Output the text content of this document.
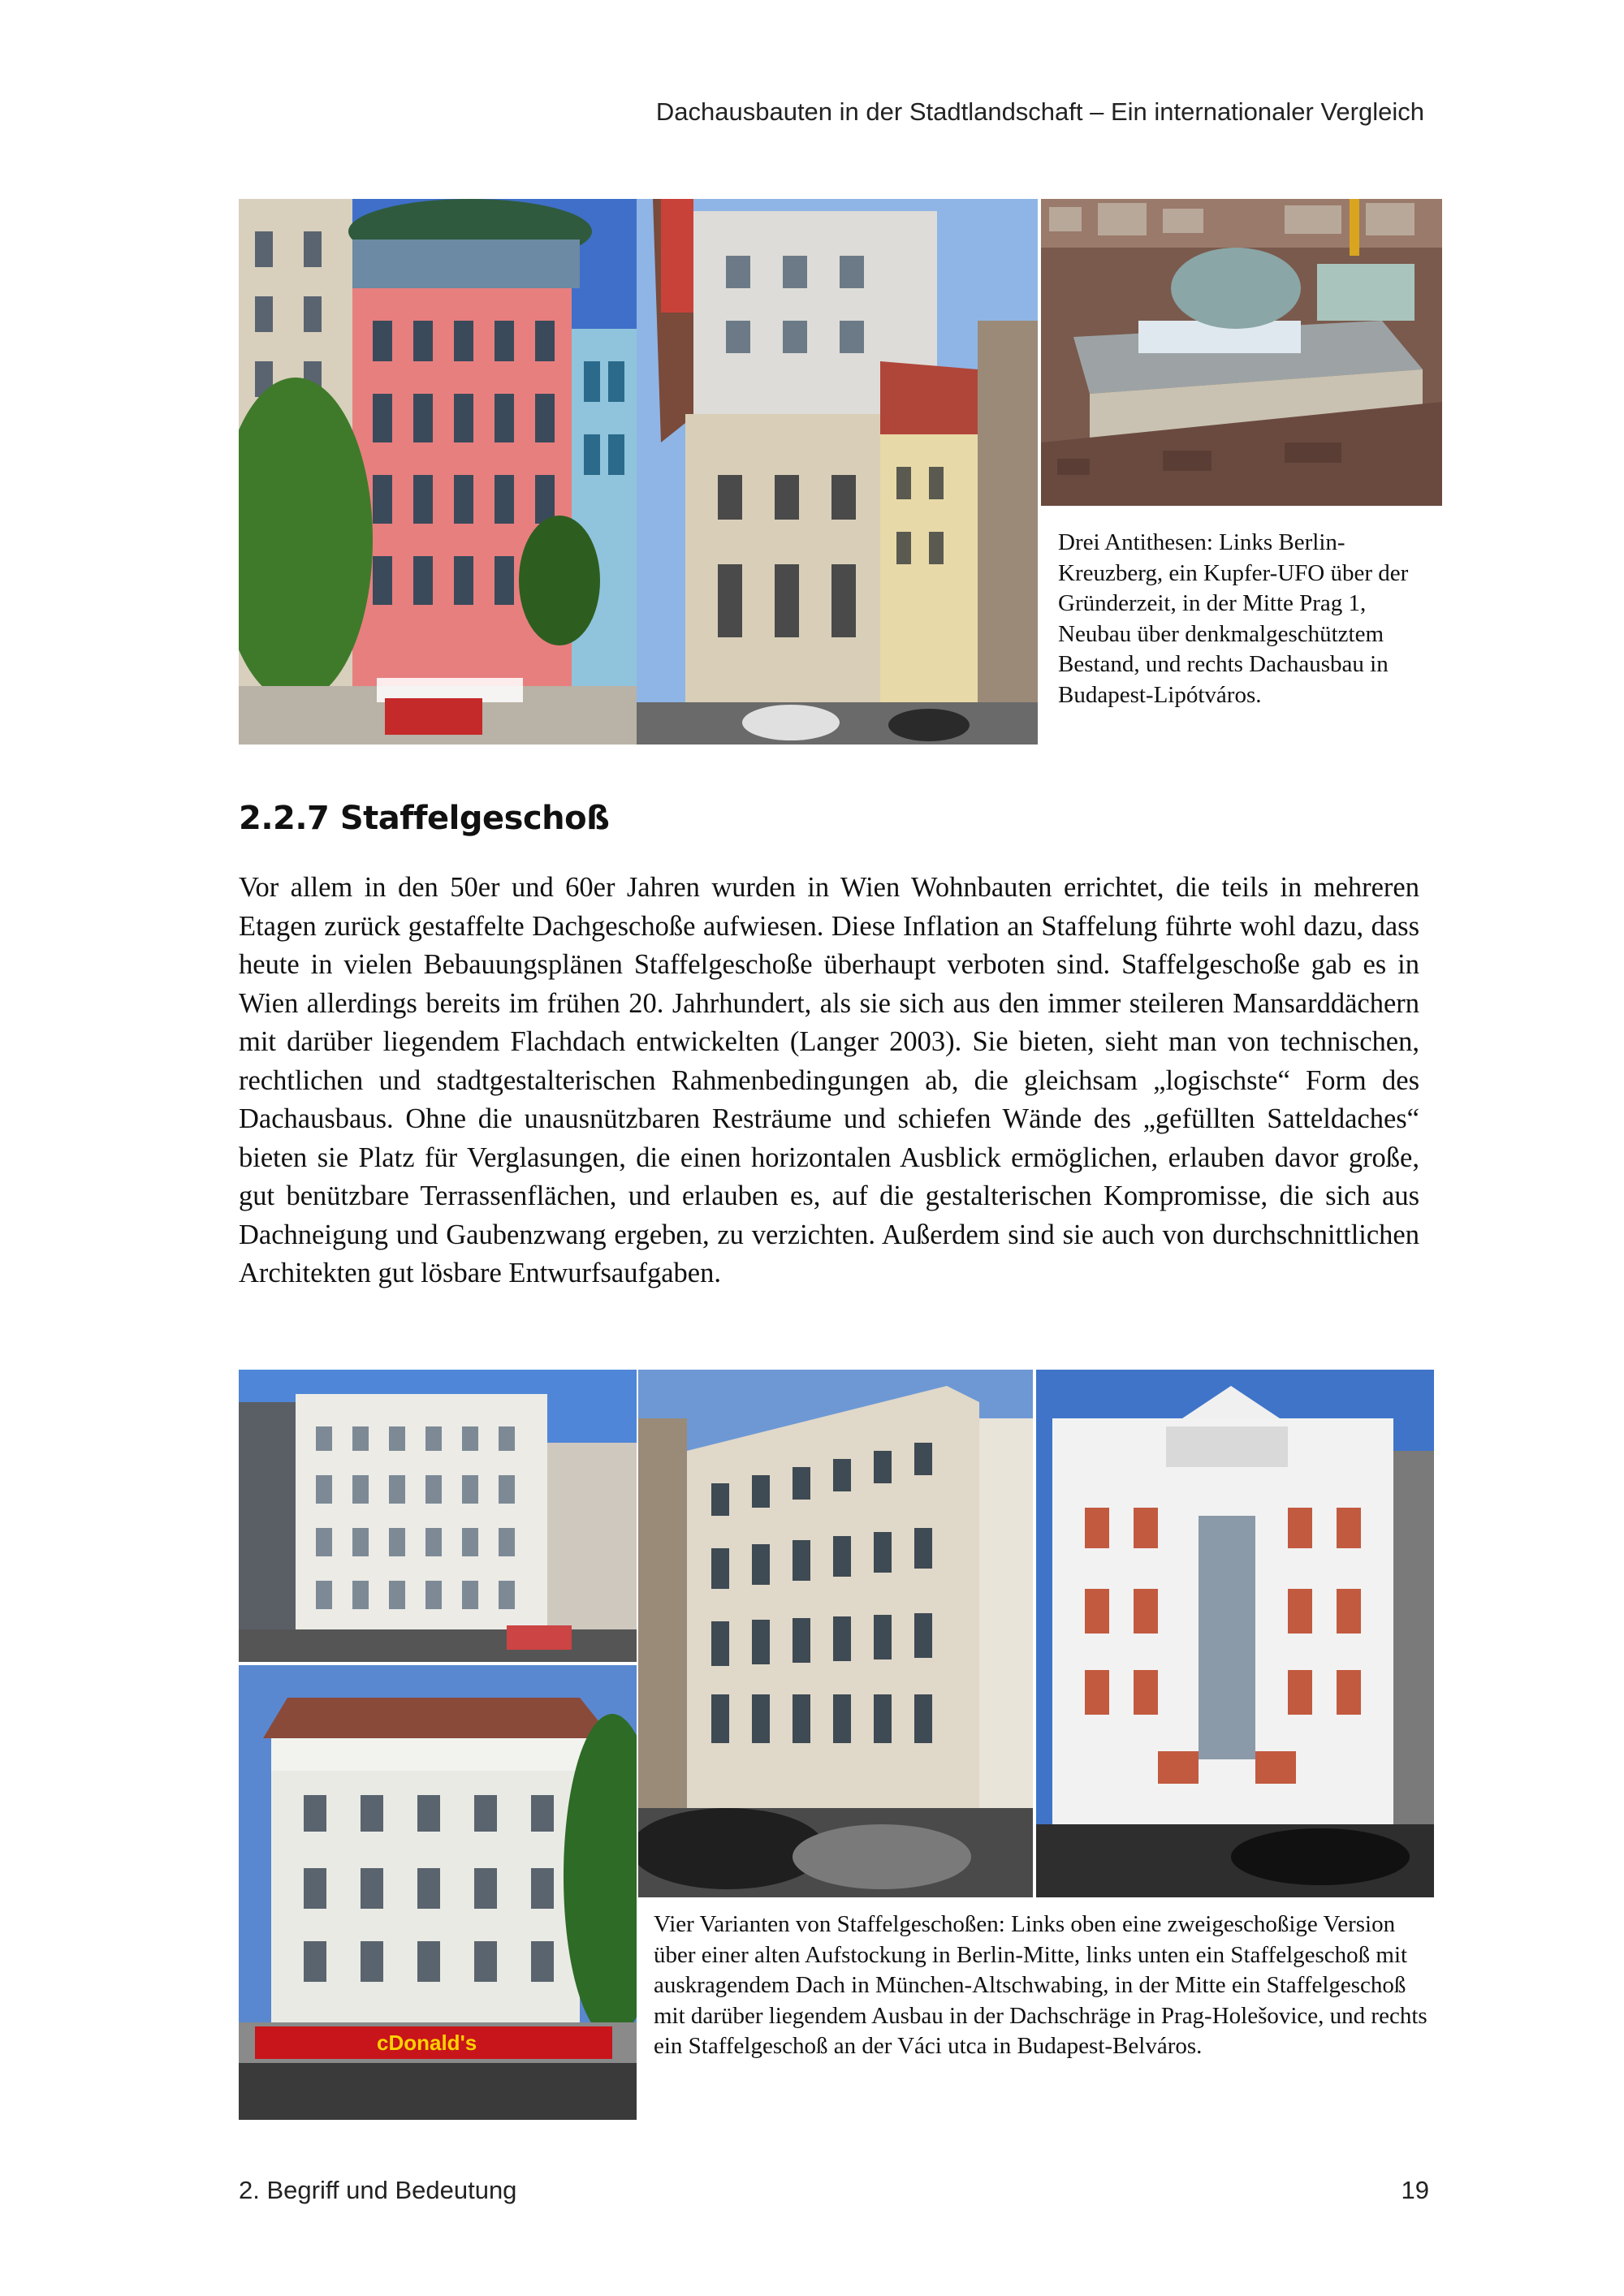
Dachausbauten in der Stadtlandschaft – Ein internationaler Vergleich

Drei Antithesen: Links Berlin-Kreuzberg, ein Kupfer-UFO über der Gründerzeit, in der Mitte Prag 1, Neubau über denkmalgeschütztem Bestand, und rechts Dachausbau in Budapest-Lipótváros.

2.2.7 Staffelgeschoß

Vor allem in den 50er und 60er Jahren wurden in Wien Wohnbauten errichtet, die teils in mehreren Etagen zurück gestaffelte Dachgeschoße aufwiesen. Diese Inflation an Staffelung führte wohl dazu, dass heute in vielen Bebauungsplänen Staffelgeschoße überhaupt verboten sind. Staffelgeschoße gab es in Wien allerdings bereits im frühen 20. Jahrhundert, als sie sich aus den immer steileren Mansarddächern mit darüber liegendem Flachdach entwickelten (Langer 2003). Sie bieten, sieht man von technischen, rechtlichen und stadtgestalterischen Rahmenbedingungen ab, die gleichsam „logischste“ Form des Dachausbaus. Ohne die unausnützbaren Resträume und schiefen Wände des „gefüllten Satteldaches“ bieten sie Platz für Verglasungen, die einen horizontalen Ausblick ermöglichen, erlauben davor große, gut benützbare Terrassenflächen, und erlauben es, auf die gestalterischen Kompromisse, die sich aus Dachneigung und Gaubenzwang ergeben, zu verzichten. Außerdem sind sie auch von durchschnittlichen Architekten gut lösbare Entwurfsaufgaben.

cDonald's

Vier Varianten von Staffelgeschoßen: Links oben eine zweigeschoßige Version über einer alten Aufstockung in Berlin-Mitte, links unten ein Staffelgeschoß mit auskragendem Dach in München-Altschwabing, in der Mitte ein Staffelgeschoß mit darüber liegendem Ausbau in der Dachschräge in Prag-Holešovice, und rechts ein Staffelgeschoß an der Váci utca in Budapest-Belváros.

2. Begriff und Bedeutung	19
